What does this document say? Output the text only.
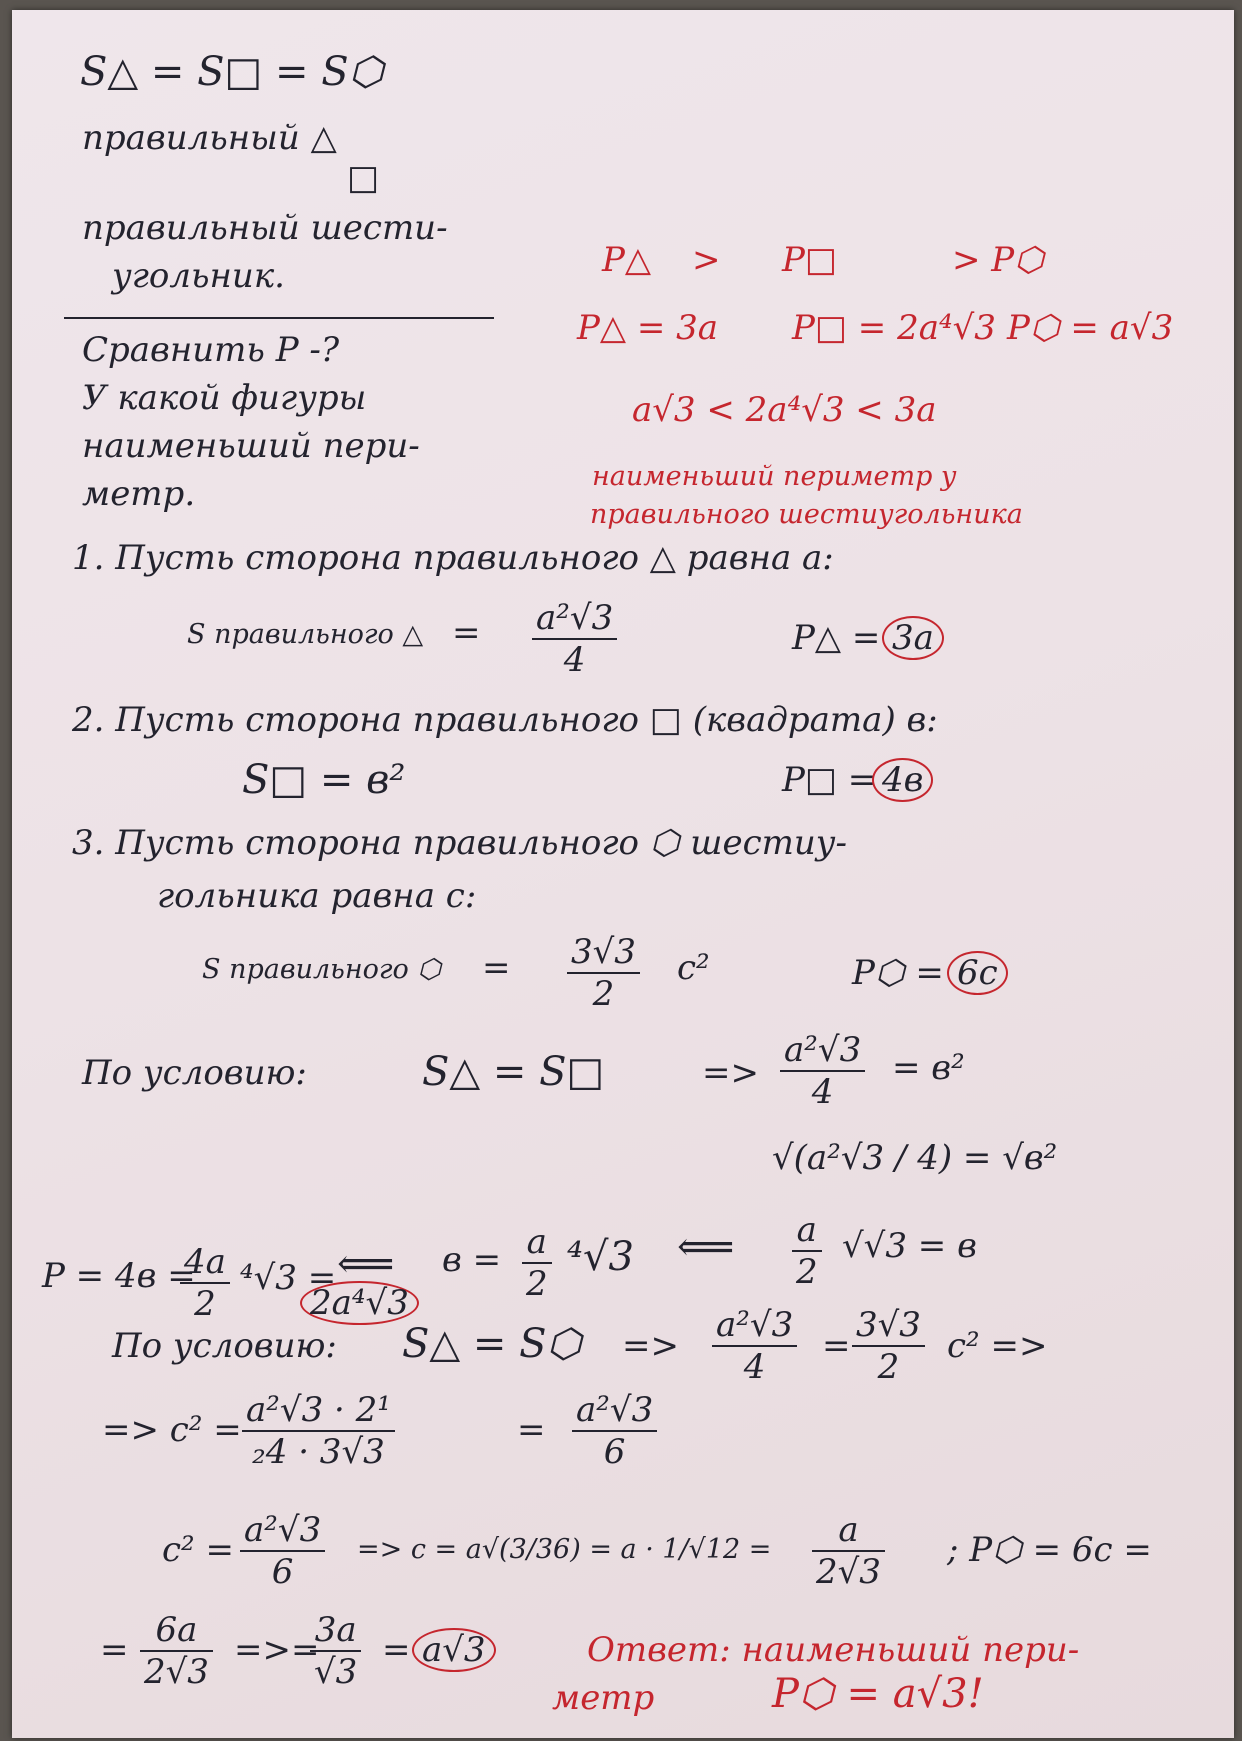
S△ = S□ = S⬡
правильный △
□
правильный шести-
угольник.
Сравнить P -?
У какой фигуры
наименьший пери-
метр.
P△ > P□	> P⬡
P△ = 3a P□ = 2a⁴√3 P⬡ = a√3
a√3 < 2a⁴√3 < 3a
наименьший периметр у
правильного шестиугольника
1. Пусть сторона правильного △ равна a:
S правильного △ = $\frac{\text{a²√3}}{4}$	P△ = 3a
2. Пусть сторона правильного □ (квадрата) в:
S□ = в²	P□ = 4в
3. Пусть сторона правильного ⬡ шестиу-
гольника равна c:
S правильного ⬡ = $\frac{3√3}{2} c^2$	P⬡ = 6c
По условию:	S△ = S□	=> $\frac{\text{a²√3}}{4} = в^2$
√(a²√3 / 4) = √в²
$\frac{a}{2} √√3 = в$
⟸
$в = \frac{a}{2} ^4√3$
⟸
P = 4в =
$\frac{4a}{2} ^4√3$ =
2a⁴√3
По условию: S△ = S⬡ => $\frac{\text{a²√3}}{4} = \frac{3√3}{2} c^2$ =>
=> $c^2 = \frac{\text{a²√3 · 2¹}}{\text{₂4 · 3√3}}$	= $\frac{\text{a²√3}}{6}$
$c^2 = \frac{\text{a²√3}}{6} => c = a√(3/36) = a \cdot 1/√12 = \frac{a}{2√3}$ ; P⬡ = 6c =
= $\frac{6a}{2√3}$ =>=
$\frac{3a}{√3} = a√3$	Ответ: наименьший пери-
метр	P⬡ = a√3!
